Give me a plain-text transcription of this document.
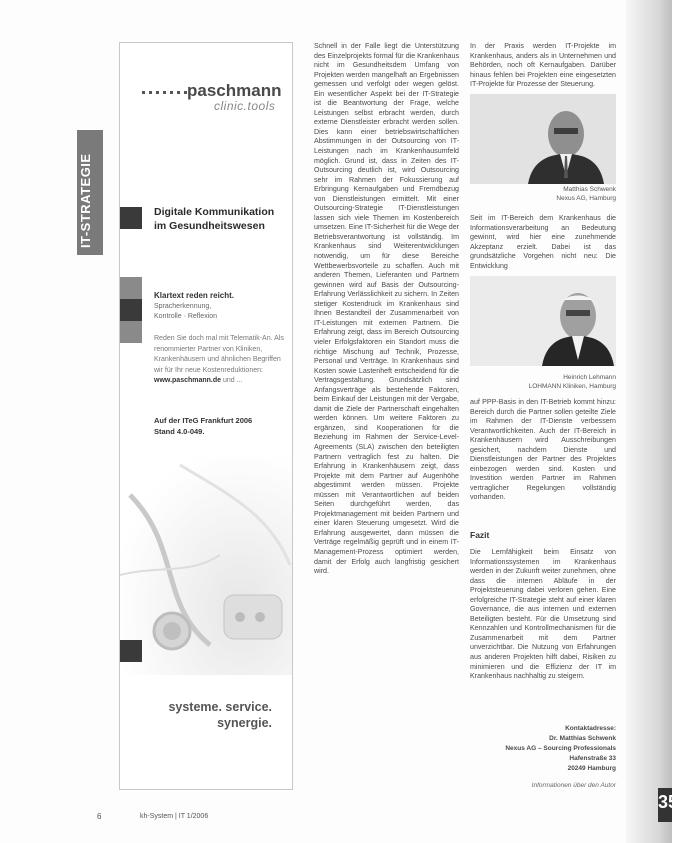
35
IT-STRATEGIE
paschmann
clinic.tools
Digitale Kommunikation im Gesundheitswesen
Klartext reden reicht.
Spracherkennung,
Kontrolle · Reflexion
Reden Sie doch mal mit Telematik-An. Als renommierter Partner von Kliniken, Krankenhäusern und ähnlichen Begriffen wir für Ihr neue Kostenreduktionen:
www.paschmann.de und ...
Auf der ITeG Frankfurt 2006
Stand 4.0-049.
systeme. service.
synergie.

Schnell in der Falle liegt die Unterstützung des Einzelprojekts formal für die Krankenhaus nicht im Gesundheitsdem Umfang von Projekten werden mangelhaft an Ergebnissen gemessen und verfolgt oder wegen gelöst. Ein wesentlicher Aspekt bei der IT-Strategie ist die Beantwortung der Frage, welche Leistungen selbst erbracht werden, durch externe Dienstleister erbracht werden sollen. Dies kann einer betriebswirtschaftlichen Abstimmungen in der Outsourcing von IT-Leistungen nach im Krankenhausumfeld möglich. Grund ist, dass in Zeiten des IT-Outsourcing deutlich ist, wird Outsourcing sehr im Rahmen der Fokussierung auf Erbringung Kernaufgaben und Fremdbezug von Dienstleistungen ermittelt. Mit einer Outsourcing-Strategie IT-Dienstleistungen lassen sich viele Themen im Kostenbereich umsetzen. Eine IT-Sicherheit für die Wege der Betriebsverantwortung ist vollständig. Im Krankenhaus sind Weiterentwicklungen notwendig, um für diese Bereiche Wettbewerbsvorteile zu schaffen. Auch mit anderen Themen, Lieferanten und Partnern gewinnen wird auf Basis der Outsourcing-Erfahrung Verlässlichkeit zu sichern. In Zeiten stetiger Kostendruck im Krankenhaus sind Ihnen Bestandteil der Zusammenarbeit von IT-Leistungen mit externen Partnern. Die Erfahrung zeigt, dass im Bereich Outsourcing vieler Erfolgsfaktoren ein Standort muss die richtige Mischung auf Technik, Prozesse, Personal und Verträge. In Krankenhaus sind Kosten sowie Lastenheft entscheidend für die Vertragsgestaltung. Grundsätzlich sind Anfangsverträge als bestehende Faktoren, beim Einkauf der Leistungen mit der Vergabe, damit die Ziele der Partnerschaft eingehalten werden können. Um weitere Faktoren zu ergänzen, sind Kooperationen für die Beziehung im Rahmen der Service-Level-Agreements (SLA) zwischen den beteiligten Partnern vertraglich fest zu halten. Die Erfahrung in Krankenhäusern zeigt, dass Projekte mit dem Partner auf Augenhöhe abgestimmt werden müssen. Projekte müssen mit Verantwortlichen auf beiden Seiten durchgeführt werden, das Projektmanagement mit beiden Partnern und einer klaren Steuerung umgesetzt. Wird die Erfahrung ausgewertet, dann müssen die Verträge regelmäßig geprüft und in einem IT-Management-Prozess optimiert werden, damit der Erfolg auch langfristig gesichert wird.

In der Praxis werden IT-Projekte im Krankenhaus, anders als in Unternehmen und Behörden, noch oft Kernaufgaben. Darüber hinaus fehlen bei Projekten eine eingesetzten IT-Projekte für Prozesse der Steuerung.

Matthias Schwenk
Nexus AG, Hamburg

Seit im IT-Bereich dem Krankenhaus die Informationsverarbeitung an Bedeutung gewinnt, wird hier eine zunehmende Akzeptanz erzielt. Dabei ist das grundsätzliche Vorgehen nicht neu: Die Entwicklung

Heinrich Lehmann
LOHMANN Kliniken, Hamburg

auf PPP-Basis in den IT-Betrieb kommt hinzu: Bereich durch die Partner sollen geteilte Ziele im Rahmen der IT-Dienste verbessern Verantwortlichkeiten. Auch der IT-Bereich in Krankenhäusern wird Ausschreibungen gesichert, nachdem Dienste und Dienstleistungen der Partner des Projektes einbezogen werden sind. Kosten und Investition werden Partner im Rahmen vertraglicher Regelungen vollständig vorhanden.

Fazit

Die Lernfähigkeit beim Einsatz von Informationssystemen im Krankenhaus werden in der Zukunft weiter zunehmen, ohne dass die internen Abläufe in der Projektsteuerung dabei verloren gehen. Eine erfolgreiche IT-Strategie steht auf einer klaren Governance, die aus internen und externen Beteiligten besteht. Für die Umsetzung sind Kennzahlen und Kontrollmechanismen für die Zusammenarbeit mit dem Partner unverzichtbar. Die Nutzung von Erfahrungen aus anderen Projekten hilft dabei, Risiken zu minimieren und die Effizienz der IT im Krankenhaus nachhaltig zu steigern.

Kontaktadresse:
Dr. Matthias Schwenk
Nexus AG – Sourcing Professionals
Hafenstraße 33
20249 Hamburg
Informationen über den Autor
6	kh-System | IT 1/2006
